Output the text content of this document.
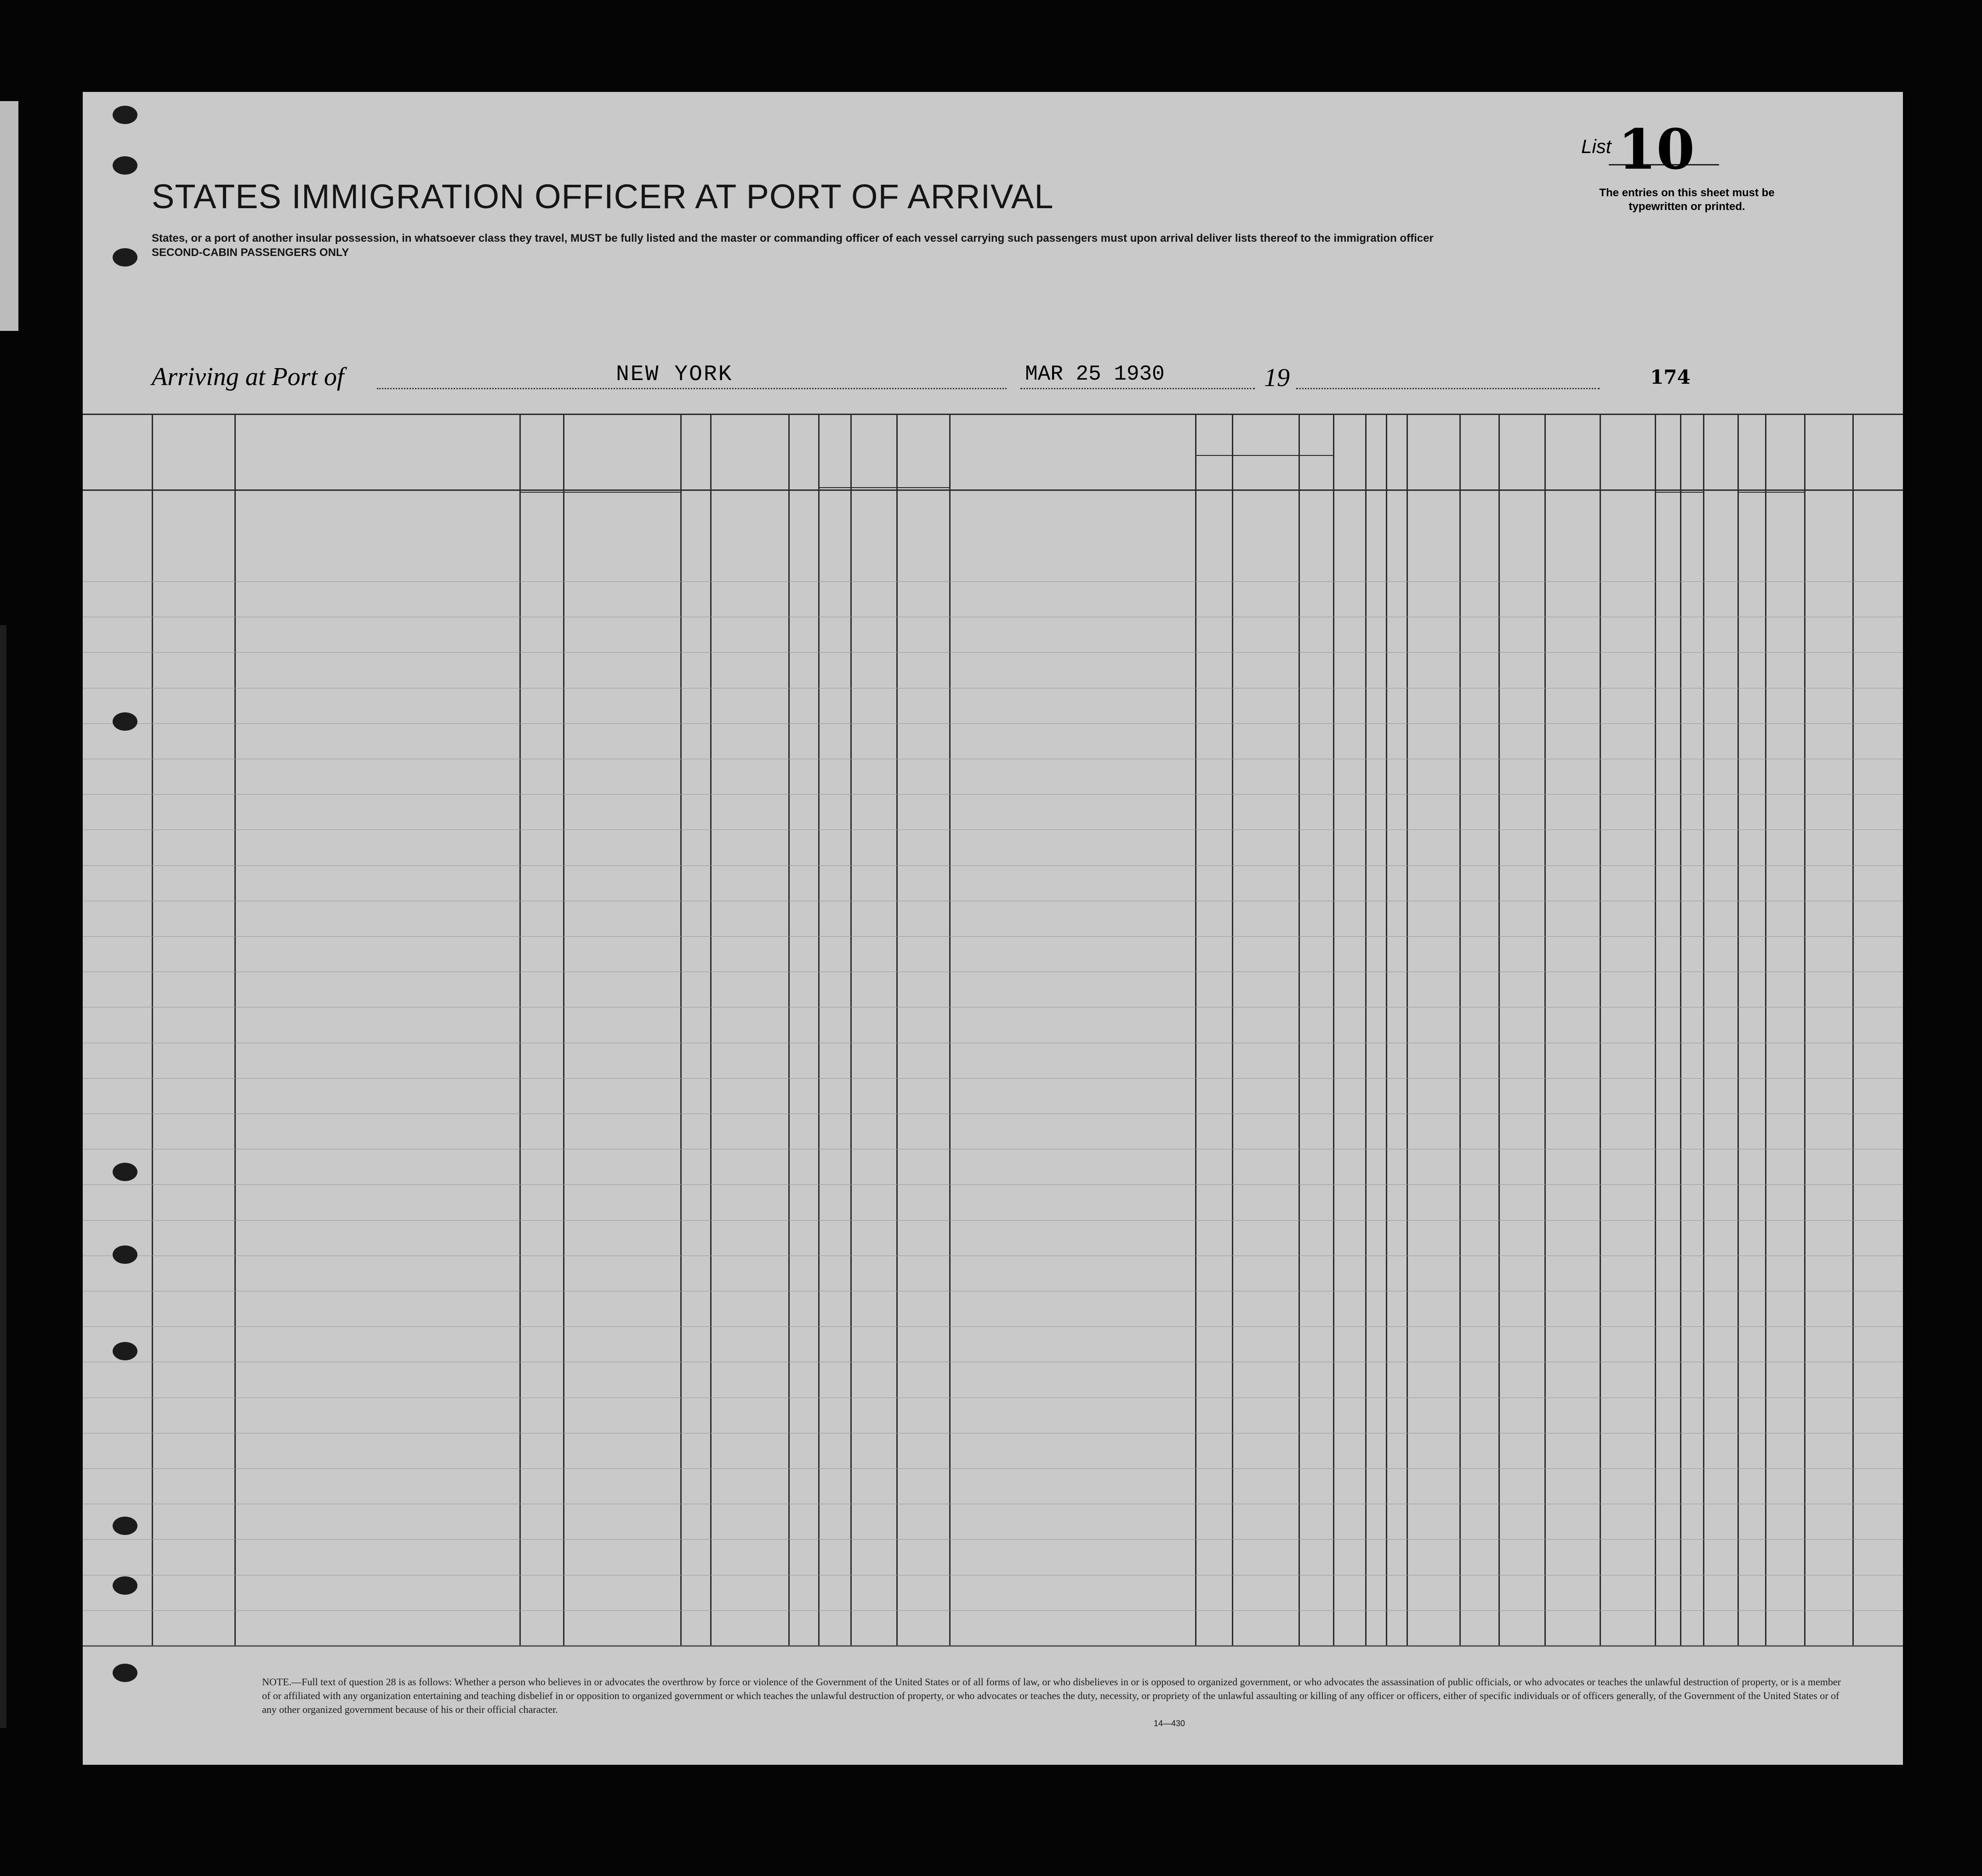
STATES IMMIGRATION OFFICER AT PORT OF ARRIVAL
States, or a port of another insular possession, in whatsoever class they travel, MUST be fully listed and the master or commanding officer of each vessel carrying such passengers must upon arrival deliver lists thereof to the immigration officer
SECOND-CABIN PASSENGERS ONLY
List 10
The entries on this sheet must be typewritten or printed.
Arriving at Port of	NEW YORK	MAR 25 1930	19	174
NOTE.—Full text of question 28 is as follows: Whether a person who believes in or advocates the overthrow by force or violence of the Government of the United States or of all forms of law, or who disbelieves in or is opposed to organized government, or who advocates the assassination of public officials, or who advocates or teaches the unlawful destruction of property, or is a member of or affiliated with any organization entertaining and teaching disbelief in or opposition to organized government or which teaches the unlawful destruction of property, or who advocates or teaches the duty, necessity, or propriety of the unlawful assaulting or killing of any officer or officers, either of specific individuals or of officers generally, of the Government of the United States or of any other organized government because of his or their official character.
14—430
